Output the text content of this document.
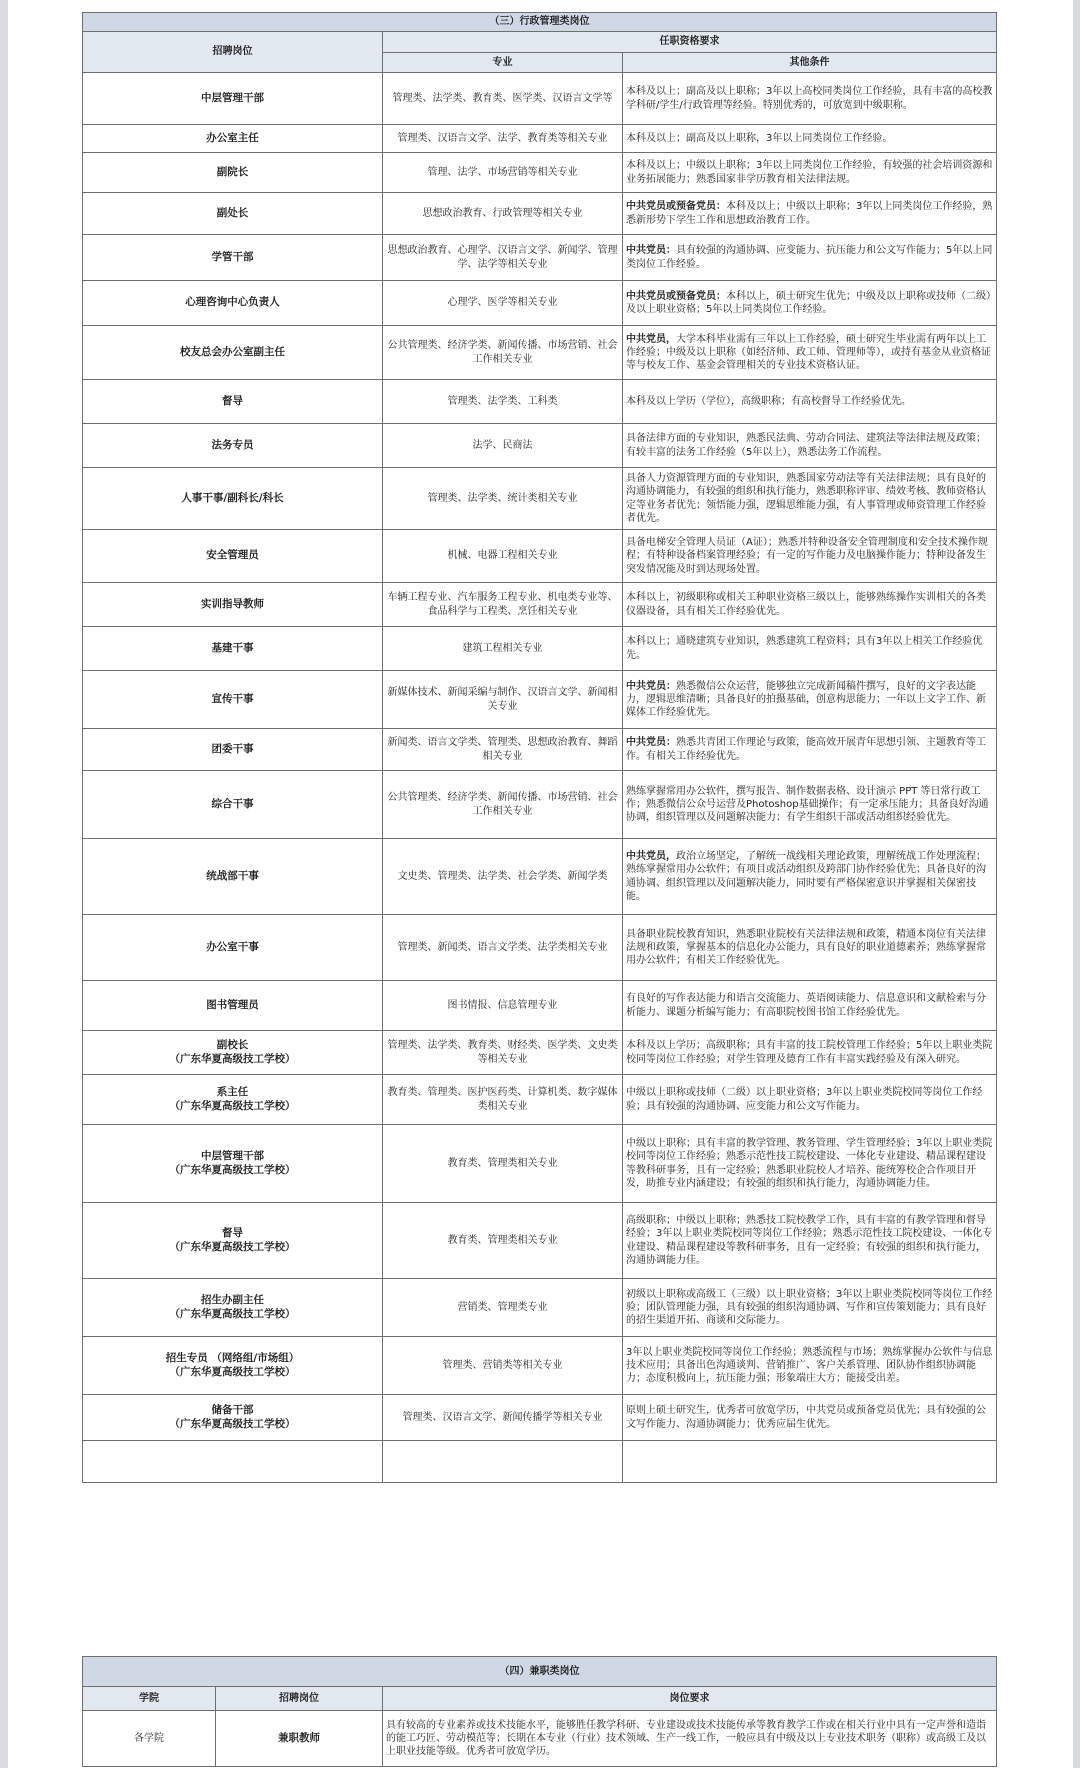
（三）行政管理类岗位		
招聘岗位	任职资格要求	
	专业	其他条件

中层管理干部	管理类、法学类、教育类、医学类、汉语言文学等	本科及以上；副高及以上职称；3年以上高校同类岗位工作经验，具有丰富的高校教学科研/学生/行政管理等经验。特别优秀的，可放宽到中级职称。

办公室主任	管理类、汉语言文学、法学、教育类等相关专业	本科及以上；副高及以上职称，3年以上同类岗位工作经验。

副院长	管理、法学、市场营销等相关专业	本科及以上；中级以上职称；3年以上同类岗位工作经验，有较强的社会培训资源和业务拓展能力；熟悉国家非学历教育相关法律法规。

副处长	思想政治教育、行政管理等相关专业	中共党员或预备党员：本科及以上；中级以上职称；3年以上同类岗位工作经验，熟悉新形势下学生工作和思想政治教育工作。

学管干部	思想政治教育、心理学、汉语言文学、新闻学、管理学、法学等相关专业	中共党员：具有较强的沟通协调、应变能力、抗压能力和公文写作能力；5年以上同类岗位工作经验。

心理咨询中心负责人	心理学、医学等相关专业	中共党员或预备党员：本科以上，硕士研究生优先；中级及以上职称或技师（二级）及以上职业资格；5年以上同类岗位工作经验。

校友总会办公室副主任	公共管理类、经济学类、新闻传播、市场营销、社会工作相关专业	中共党员，大学本科毕业需有三年以上工作经验，硕士研究生毕业需有两年以上工作经验；中级及以上职称（如经济师、政工师、管理师等），或持有基金从业资格证等与校友工作、基金会管理相关的专业技术资格认证。

督导	管理类、法学类、工科类	本科及以上学历（学位），高级职称；有高校督导工作经验优先。

法务专员	法学、民商法	具备法律方面的专业知识，熟悉民法典、劳动合同法、建筑法等法律法规及政策；有较丰富的法务工作经验（5年以上），熟悉法务工作流程。

人事干事/副科长/科长	管理类、法学类、统计类相关专业	具备人力资源管理方面的专业知识，熟悉国家劳动法等有关法律法规；具有良好的沟通协调能力，有较强的组织和执行能力，熟悉职称评审、绩效考核、教师资格认定等业务者优先；领悟能力强，逻辑思维能力强，有人事管理或师资管理工作经验者优先。

安全管理员	机械、电器工程相关专业	具备电梯安全管理人员证（A证）；熟悉并特种设备安全管理制度和安全技术操作规程；有特种设备档案管理经验；有一定的写作能力及电脑操作能力；特种设备发生突发情况能及时到达现场处置。

实训指导教师	车辆工程专业、汽车服务工程专业、机电类专业等、食品科学与工程类、烹饪相关专业	本科以上，初级职称或相关工种职业资格三级以上，能够熟练操作实训相关的各类仪器设备，具有相关工作经验优先。

基建干事	建筑工程相关专业	本科以上；通晓建筑专业知识，熟悉建筑工程资料；具有3年以上相关工作经验优先。

宣传干事	新媒体技术、新闻采编与制作、汉语言文学、新闻相关专业	中共党员：熟悉微信公众运营，能够独立完成新闻稿件撰写，良好的文字表达能力，逻辑思维清晰；具备良好的拍摄基础，创意构思能力；一年以上文字工作、新媒体工作经验优先。

团委干事	新闻类、语言文学类、管理类、思想政治教育、舞蹈相关专业	中共党员：熟悉共青团工作理论与政策，能高效开展青年思想引领、主题教育等工作。有相关工作经验优先。

综合干事	公共管理类、经济学类、新闻传播、市场营销、社会工作相关专业	熟练掌握常用办公软件，撰写报告、制作数据表格、设计演示 PPT 等日常行政工作；熟悉微信公众号运营及Photoshop基础操作；有一定承压能力；具备良好沟通协调，组织管理以及问题解决能力；有学生组织干部或活动组织经验优先。

统战部干事	文史类、管理类、法学类、社会学类、新闻学类	中共党员，政治立场坚定，了解统一战线相关理论政策，理解统战工作处理流程；熟练掌握常用办公软件；有项目或活动组织及跨部门协作经验优先；具备良好的沟通协调、组织管理以及问题解决能力，同时要有严格保密意识并掌握相关保密技能。

办公室干事	管理类、新闻类、语言文学类、法学类相关专业	具备职业院校教育知识，熟悉职业院校有关法律法规和政策，精通本岗位有关法律法规和政策，掌握基本的信息化办公能力，具有良好的职业道德素养；熟练掌握常用办公软件；有相关工作经验优先。

图书管理员	图书情报、信息管理专业	有良好的写作表达能力和语言交流能力、英语阅读能力、信息意识和文献检索与分析能力、课题分析编写能力；有高职院校图书馆工作经验优先。

副校长
（广东华夏高级技工学校）	管理类、法学类、教育类、财经类、医学类、文史类等相关专业	本科及以上学历；高级职称；具有丰富的技工院校管理工作经验；5年以上职业类院校同等岗位工作经验；对学生管理及德育工作有丰富实践经验及有深入研究。

系主任
（广东华夏高级技工学校）	教育类、管理类、医护医药类、计算机类、数字媒体类相关专业	中级以上职称或技师（二级）以上职业资格；3年以上职业类院校同等岗位工作经验；具有较强的沟通协调、应变能力和公文写作能力。

中层管理干部
（广东华夏高级技工学校）	教育类、管理类相关专业	中级以上职称；具有丰富的教学管理、教务管理、学生管理经验；3年以上职业类院校同等岗位工作经验；熟悉示范性技工院校建设、一体化专业建设、精品课程建设等教科研事务，且有一定经验；熟悉职业院校人才培养、能统筹校企合作项目开发，助推专业内涵建设；有较强的组织和执行能力，沟通协调能力佳。

督导
（广东华夏高级技工学校）	教育类、管理类相关专业	高级职称；中级以上职称；熟悉技工院校教学工作，具有丰富的有教学管理和督导经验；3年以上职业类院校同等岗位工作经验；熟悉示范性技工院校建设、一体化专业建设、精品课程建设等教科研事务，且有一定经验；有较强的组织和执行能力，沟通协调能力佳。

招生办副主任
（广东华夏高级技工学校）	营销类、管理类专业	初级以上职称或高级工（三级）以上职业资格；3年以上职业类院校同等岗位工作经验；团队管理能力强，具有较强的组织沟通协调、写作和宣传策划能力；具有良好的招生渠道开拓、商谈和交际能力。

招生专员 （网络组/市场组）
（广东华夏高级技工学校）	管理类、营销类等相关专业	3年以上职业类院校同等岗位工作经验；熟悉流程与市场；熟练掌握办公软件与信息技术应用；具备出色沟通谈判、营销推广、客户关系管理、团队协作组织协调能力；态度积极向上，抗压能力强；形象端庄大方；能接受出差。

储备干部
（广东华夏高级技工学校）	管理类、汉语言文学、新闻传播学等相关专业	原则上硕士研究生，优秀者可放宽学历，中共党员或预备党员优先；具有较强的公文写作能力、沟通协调能力；优秀应届生优先。

（四）兼职类岗位		
学院	招聘岗位	岗位要求
各学院	兼职教师	具有较高的专业素养或技术技能水平，能够胜任教学科研、专业建设或技术技能传承等教育教学工作或在相关行业中具有一定声誉和造诣的能工巧匠、劳动模范等；长期在本专业（行业）技术领域、生产一线工作，一般应具有中级及以上专业技术职务（职称）或高级工及以上职业技能等级。优秀者可放宽学历。
